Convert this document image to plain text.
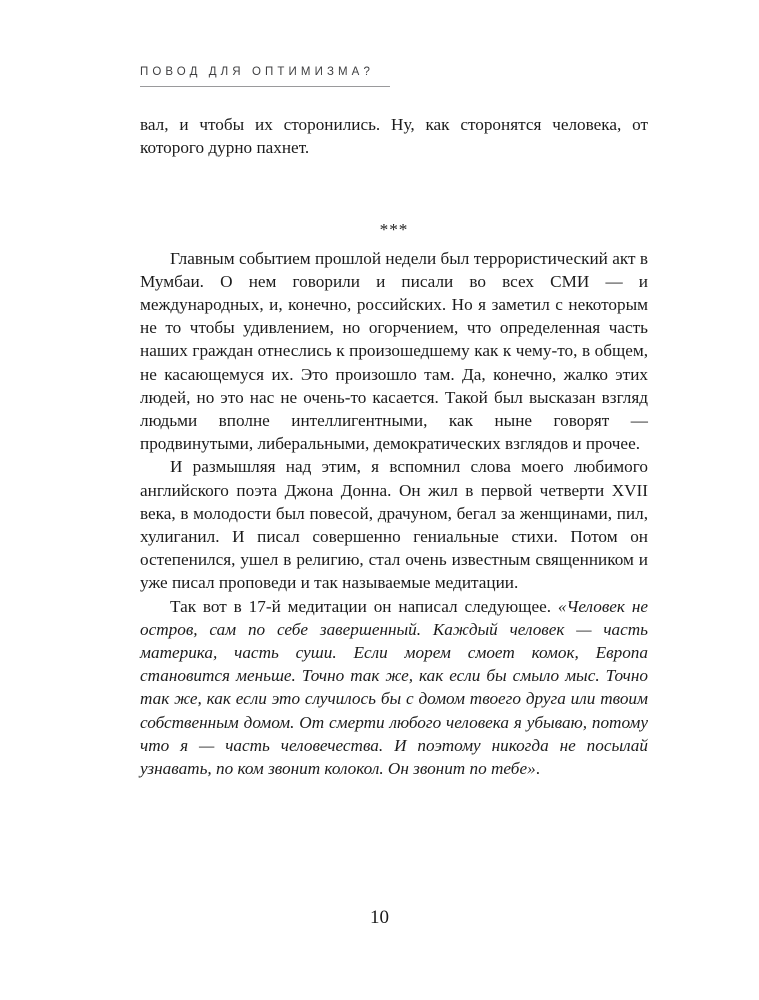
ПОВОД ДЛЯ ОПТИМИЗМА?

вал, и чтобы их сторонились. Ну, как сторонятся человека, от которого дурно пахнет.

***

Главным событием прошлой недели был террористический акт в Мумбаи. О нем говорили и писали во всех СМИ — и международных, и, конечно, российских. Но я заметил с некоторым не то чтобы удивлением, но огорчением, что определенная часть наших граждан отнеслись к произошедшему как к чему-то, в общем, не касающемуся их. Это произошло там. Да, конечно, жалко этих людей, но это нас не очень-то касается. Такой был высказан взгляд людьми вполне интеллигентными, как ныне говорят — продвинутыми, либеральными, демократических взглядов и прочее.

И размышляя над этим, я вспомнил слова моего любимого английского поэта Джона Донна. Он жил в первой четверти XVII века, в молодости был повесой, драчуном, бегал за женщинами, пил, хулиганил. И писал совершенно гениальные стихи. Потом он остепенился, ушел в религию, стал очень известным священником и уже писал проповеди и так называемые медитации.

Так вот в 17-й медитации он написал следующее. «Человек не остров, сам по себе завершенный. Каждый человек — часть материка, часть суши. Если морем смоет комок, Европа становится меньше. Точно так же, как если бы смыло мыс. Точно так же, как если это случилось бы с домом твоего друга или твоим собственным домом. От смерти любого человека я убываю, потому что я — часть человечества. И поэтому никогда не посылай узнавать, по ком звонит колокол. Он звонит по тебе».

10
